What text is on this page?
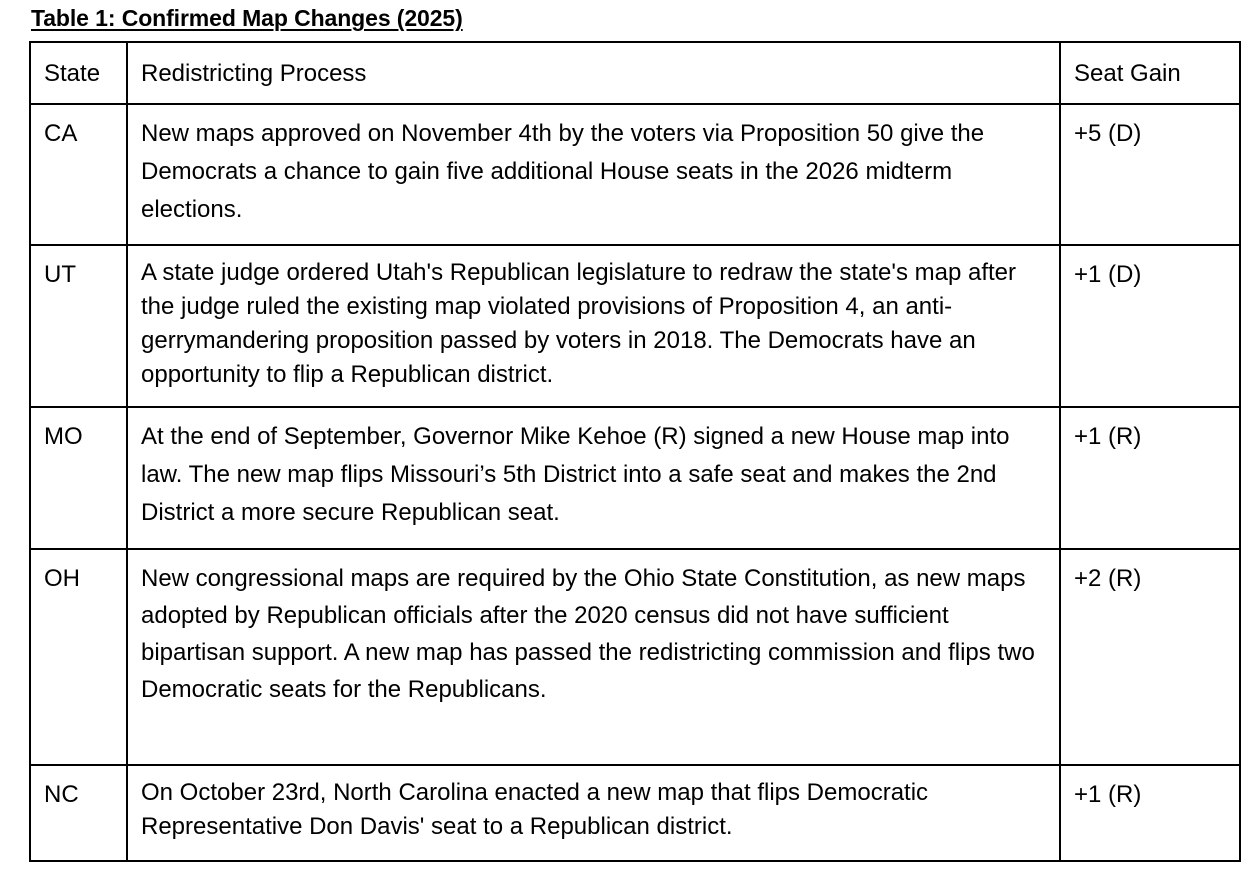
Table 1: Confirmed Map Changes (2025)
State	Redistricting Process	Seat Gain
CA	New maps approved on November 4th by the voters via Proposition 50 give the Democrats a chance to gain five additional House seats in the 2026 midterm elections.	+5 (D)
UT	A state judge ordered Utah's Republican legislature to redraw the state's map after the judge ruled the existing map violated provisions of Proposition 4, an anti-gerrymandering proposition passed by voters in 2018. The Democrats have an opportunity to flip a Republican district.	+1 (D)
MO	At the end of September, Governor Mike Kehoe (R) signed a new House map into law. The new map flips Missouri’s 5th District into a safe seat and makes the 2nd District a more secure Republican seat.	+1 (R)
OH	New congressional maps are required by the Ohio State Constitution, as new maps adopted by Republican officials after the 2020 census did not have sufficient bipartisan support. A new map has passed the redistricting commission and flips two Democratic seats for the Republicans.	+2 (R)
NC	On October 23rd, North Carolina enacted a new map that flips Democratic Representative Don Davis' seat to a Republican district.	+1 (R)
